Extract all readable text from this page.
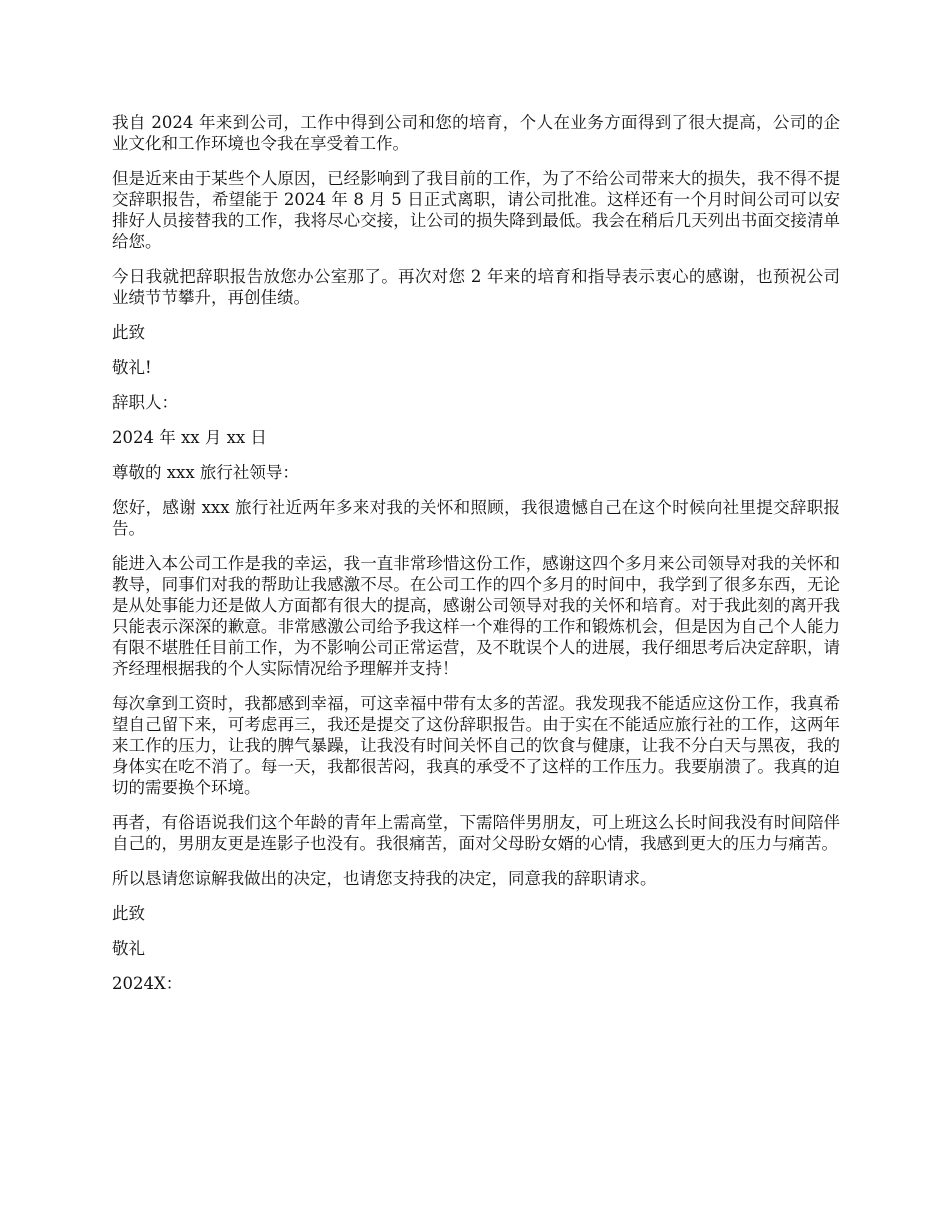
我自 2024 年来到公司，工作中得到公司和您的培育，个人在业务方面得到了很大提高，公司的企业文化和工作环境也令我在享受着工作。

但是近来由于某些个人原因，已经影响到了我目前的工作，为了不给公司带来大的损失，我不得不提交辞职报告，希望能于 2024 年 8 月 5 日正式离职，请公司批准。这样还有一个月时间公司可以安排好人员接替我的工作，我将尽心交接，让公司的损失降到最低。我会在稍后几天列出书面交接清单给您。

今日我就把辞职报告放您办公室那了。再次对您 2 年来的培育和指导表示衷心的感谢，也预祝公司业绩节节攀升，再创佳绩。

此致

敬礼!

辞职人：

2024 年 xx 月 xx 日

尊敬的 xxx 旅行社领导：

您好，感谢 xxx 旅行社近两年多来对我的关怀和照顾，我很遗憾自己在这个时候向社里提交辞职报告。

能进入本公司工作是我的幸运，我一直非常珍惜这份工作，感谢这四个多月来公司领导对我的关怀和教导，同事们对我的帮助让我感激不尽。在公司工作的四个多月的时间中，我学到了很多东西，无论是从处事能力还是做人方面都有很大的提高，感谢公司领导对我的关怀和培育。对于我此刻的离开我只能表示深深的歉意。非常感激公司给予我这样一个难得的工作和锻炼机会，但是因为自己个人能力有限不堪胜任目前工作，为不影响公司正常运营，及不耽误个人的进展，我仔细思考后决定辞职，请齐经理根据我的个人实际情况给予理解并支持！

每次拿到工资时，我都感到幸福，可这幸福中带有太多的苦涩。我发现我不能适应这份工作，我真希望自己留下来，可考虑再三，我还是提交了这份辞职报告。由于实在不能适应旅行社的工作，这两年来工作的压力，让我的脾气暴躁，让我没有时间关怀自己的饮食与健康，让我不分白天与黑夜，我的身体实在吃不消了。每一天，我都很苦闷，我真的承受不了这样的工作压力。我要崩溃了。我真的迫切的需要换个环境。

再者，有俗语说我们这个年龄的青年上需高堂，下需陪伴男朋友，可上班这么长时间我没有时间陪伴自己的，男朋友更是连影子也没有。我很痛苦，面对父母盼女婿的心情，我感到更大的压力与痛苦。

所以恳请您谅解我做出的决定，也请您支持我的决定，同意我的辞职请求。

此致

敬礼

2024X：
